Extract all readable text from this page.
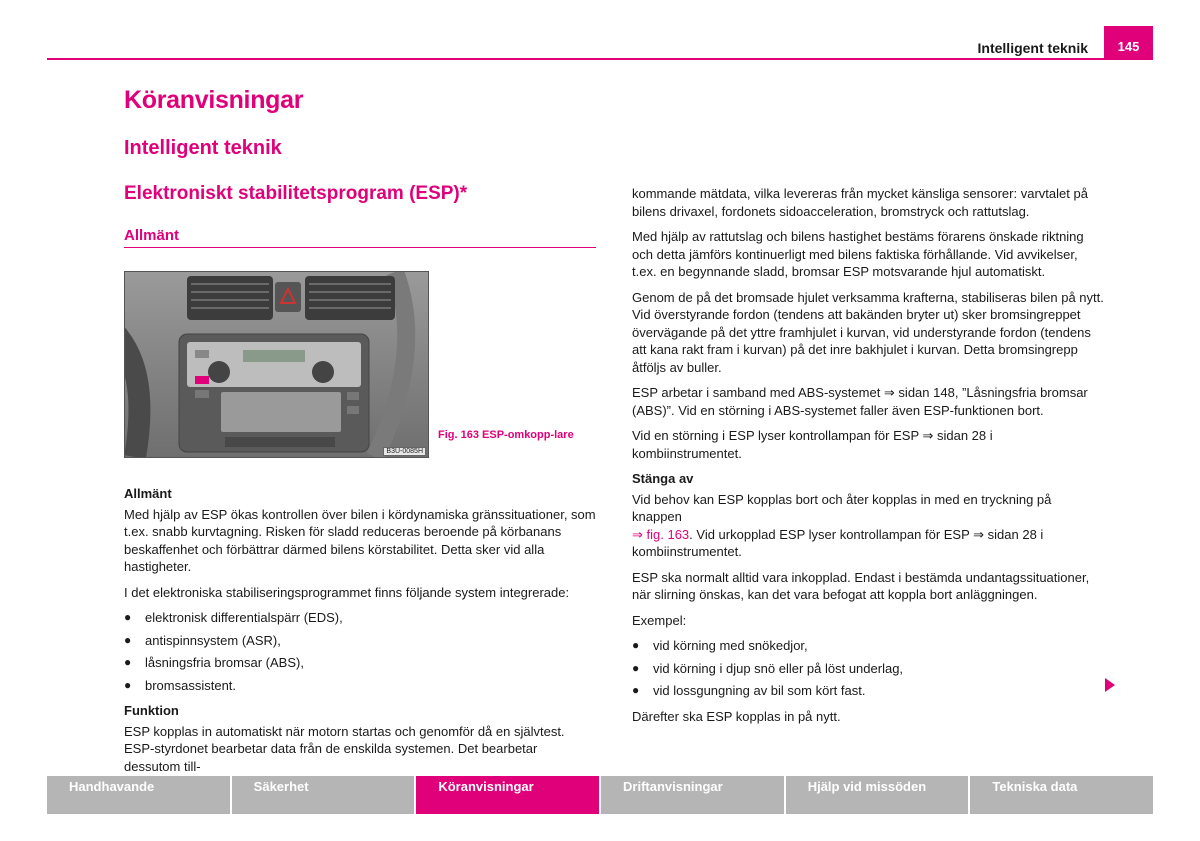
Intelligent teknik	145
Köranvisningar
Intelligent teknik
Elektroniskt stabilitetsprogram (ESP)*
Allmänt
B3U-0085H
Fig. 163 ESP-omkopp-lare

Allmänt

Med hjälp av ESP ökas kontrollen över bilen i kördynamiska gränssituationer, som t.ex. snabb kurvtagning. Risken för sladd reduceras beroende på körbanans beskaffenhet och förbättrar därmed bilens körstabilitet. Detta sker vid alla hastigheter.

I det elektroniska stabiliseringsprogrammet finns följande system integrerade:

● elektronisk differentialspärr (EDS),
● antispinnsystem (ASR),
● låsningsfria bromsar (ABS),
● bromsassistent.

Funktion

ESP kopplas in automatiskt när motorn startas och genomför då en självtest. ESP-styrdonet bearbetar data från de enskilda systemen. Det bearbetar dessutom till-

kommande mätdata, vilka levereras från mycket känsliga sensorer: varvtalet på bilens drivaxel, fordonets sidoacceleration, bromstryck och rattutslag.

Med hjälp av rattutslag och bilens hastighet bestäms förarens önskade riktning och detta jämförs kontinuerligt med bilens faktiska förhållande. Vid avvikelser, t.ex. en begynnande sladd, bromsar ESP motsvarande hjul automatiskt.

Genom de på det bromsade hjulet verksamma krafterna, stabiliseras bilen på nytt. Vid överstyrande fordon (tendens att bakänden bryter ut) sker bromsingreppet övervägande på det yttre framhjulet i kurvan, vid understyrande fordon (tendens att kana rakt fram i kurvan) på det inre bakhjulet i kurvan. Detta bromsingrepp åtföljs av buller.

ESP arbetar i samband med ABS-systemet ⇒ sidan 148, ”Låsningsfria bromsar (ABS)”. Vid en störning i ABS-systemet faller även ESP-funktionen bort.

Vid en störning i ESP lyser kontrollampan för ESP ⇒ sidan 28 i kombiinstrumentet.

Stänga av

Vid behov kan ESP kopplas bort och åter kopplas in med en tryckning på knappen
⇒ fig. 163. Vid urkopplad ESP lyser kontrollampan för ESP ⇒ sidan 28 i kombiinstrumentet.

ESP ska normalt alltid vara inkopplad. Endast i bestämda undantagssituationer, när slirning önskas, kan det vara befogat att koppla bort anläggningen.

Exempel:

● vid körning med snökedjor,
● vid körning i djup snö eller på löst underlag,
● vid lossgungning av bil som kört fast.

Därefter ska ESP kopplas in på nytt.

Handhavande	Säkerhet	Köranvisningar	Driftanvisningar	Hjälp vid missöden	Tekniska data
